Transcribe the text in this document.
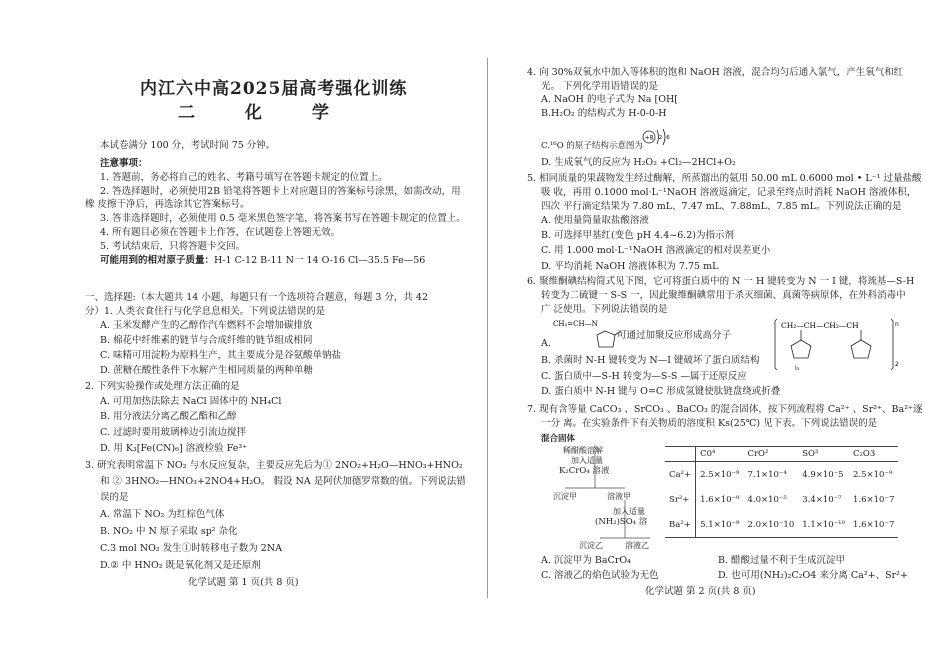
内江六中高2025届高考强化训练
二 化 学
本试卷满分 100 分，考试时间 75 分钟。
注意事项：
1. 答题前，务必将自己的姓名、考籍号填写在答题卡规定的位置上。
2. 答选择题时，必须使用2B 铅笔将答题卡上对应题目的答案标号涂黑，如需改动，用
橡 皮擦干净后，再选涂其它答案标号。
3. 答非选择题时，必须使用 0.5 毫米黑色签字笔，将答案书写在答题卡规定的位置上。
4. 所有题目必须在答题卡上作答，在试题卷上答题无效。
5. 考试结束后，只将答题卡交回。
可能用到的相对原子质量：H-1 C-12 B-11 N一 14 O-16 Cl—35.5 Fe—56
一、选择题:（本大题共 14 小题，每题只有一个选项符合题意，每题 3 分，共 42
分）1. 人类衣食住行与化学息息相关。下列说法错误的是
A. 玉米发酵产生的乙醇作汽车燃料不会增加碳排放
B. 棉花中纤维素的链节与合成纤维的链节组成相同
C. 味精可用淀粉为原料生产，其主要成分是谷氨酸单钠盐
D. 蔗糖在酸性条件下水解产生相同质量的两种单糖
2. 下列实验操作或处理方法正确的是
A. 可用加热法除去 NaCl 固体中的 NH₄Cl
B. 用分液法分离乙酸乙酯和乙醇
C. 过滤时要用玻璃棒边引流边搅拌
D. 用 K₃[Fe(CN)₆] 溶液检验 Fe³⁺
3. 研究表明常温下 NO₂ 与水反应复杂，主要反应先后为① 2NO₂+H₂O—HNO₃+HNO₂
和 ② 3HNO₂—HNO₃+2NO4+H₂O。 假设 NA 是阿伏加德罗常数的值。下列说法错
误的是
A. 常温下 NO₂ 为红棕色气体
B. NO₂ 中 N 原子采取 sp² 杂化
C.3 mol NO₂ 发生①时转移电子数为 2NA
D.② 中 HNO₂ 既是氧化剂又是还原剂
化学试题 第 1 页(共 8 页)
4. 向 30%双氧水中加入等体积的饱和 NaOH 溶液，混合均匀后通入氯气，产生氧气和红
光。 下列化学用语错误的是
A. NaOH 的电子式为 Na [OH[
B.H₂O₂ 的结构式为 H-0-0-H
C.¹⁶O 的原子结构示意图为
+8 2 6
D. 生成氧气的反应为 H₂O₂ +Cl₂—2HCl+O₂
5. 相同质量的果蔬物发生经过酶解，所蒸馏出的氨用 50.00 mL 0.6000 mol • L⁻¹ 过量盐酸
吸 收，再用 0.1000 mol·L⁻¹NaOH 溶液返滴定，记录至终点时消耗 NaOH 溶液体积，
四次 平行滴定结果为 7.80 mL、7.47 mL、7.88mL、7.85 mL。下列说法正确的是
A. 使用量筒量取盐酸溶液
B. 可选择甲基红(变色 pH 4.4~6.2)为指示剂
C. 用 1.000 mol·L⁻¹NaOH 溶液滴定的相对误差更小
D. 平均消耗 NaOH 溶液体积为 7.75 mL
6. 聚维酮碘结构简式见下图，它可将蛋白质中的 N 一 H 键转变为 N 一 I 键，将巯基—S-H
转变为二硫键一 S-S 一，因此聚维酮碘常用于杀灭细菌、真菌等病原体，在外科消毒中
广 泛使用。下列说法错误的是
A.
CH₂=CH—N
可通过加聚反应形成高分子
CH₂—CH—CH₂—CH	n
2
I₃
B. 杀菌时 N-H 键转变为 N—I 键破坏了蛋白质结构
C. 蛋白质中—S-H 转变为—S-S —属于还原反应
D. 蛋白质中 N-H 键与 O=C 形成氢键使肽链盘绕或折叠
7. 现有含等量 CaCO₃ 、SrCO₃ 、BaCO₃ 的混合固体，按下列流程将 Ca²⁺ 、Sr²⁺、Ba²⁺逐
一分 离。在实验条件下有关物质的溶度积 Ks(25℃) 见下表。下列说法错误的是
混合固体
稀醋酸溶解
加入适量
K₂CrO₄ 溶液
沉淀甲	溶液甲
加入适量
(NH₂)SO₄ 溶
沉淀乙	溶液乙
	C0⁴	CrO²	SO²	C₂O3
Ca²+	2.5×10⁻⁹	7.1×10⁻⁴	4.9×10⁻5	2.5×10⁻⁹
Sr²+	1.6×10⁻⁹	4.0×10⁻⁵	3.4×10⁻⁷	1.6×10⁻7
Ba²+	5.1×10⁻⁹	2.0×10⁻10	1.1×10⁻¹⁰	1.6×10⁻7
A. 沉淀甲为 BaCrO₄	B. 醋酸过量不利于生成沉淀甲
C. 溶液乙的焰色试验为无色	D. 也可用(NH₂)₂C₂O4 来分离 Ca²+、Sr²+
化学试题 第 2 页(共 8 页)
